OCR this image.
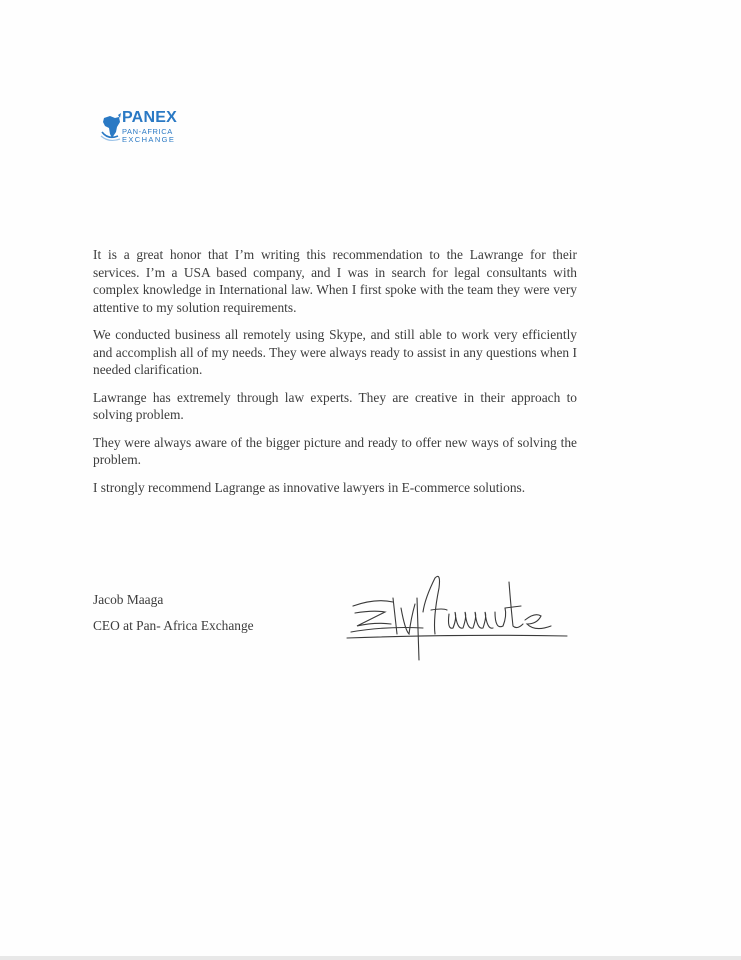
PANEX
PAN-AFRICA
EXCHANGE

It is a great honor that I’m writing this recommendation to the Lawrange for their services. I’m a USA based company, and I was in search for legal consultants with complex knowledge in International law. When I first spoke with the team they were very attentive to my solution requirements.

We conducted business all remotely using Skype, and still able to work very efficiently and accomplish all of my needs. They were always ready to assist in any questions when I needed clarification.

Lawrange has extremely through law experts. They are creative in their approach to solving problem.

They were always aware of the bigger picture and ready to offer new ways of solving the problem.

I strongly recommend Lagrange as innovative lawyers in E-commerce solutions.

Jacob Maaga

CEO at Pan- Africa Exchange
